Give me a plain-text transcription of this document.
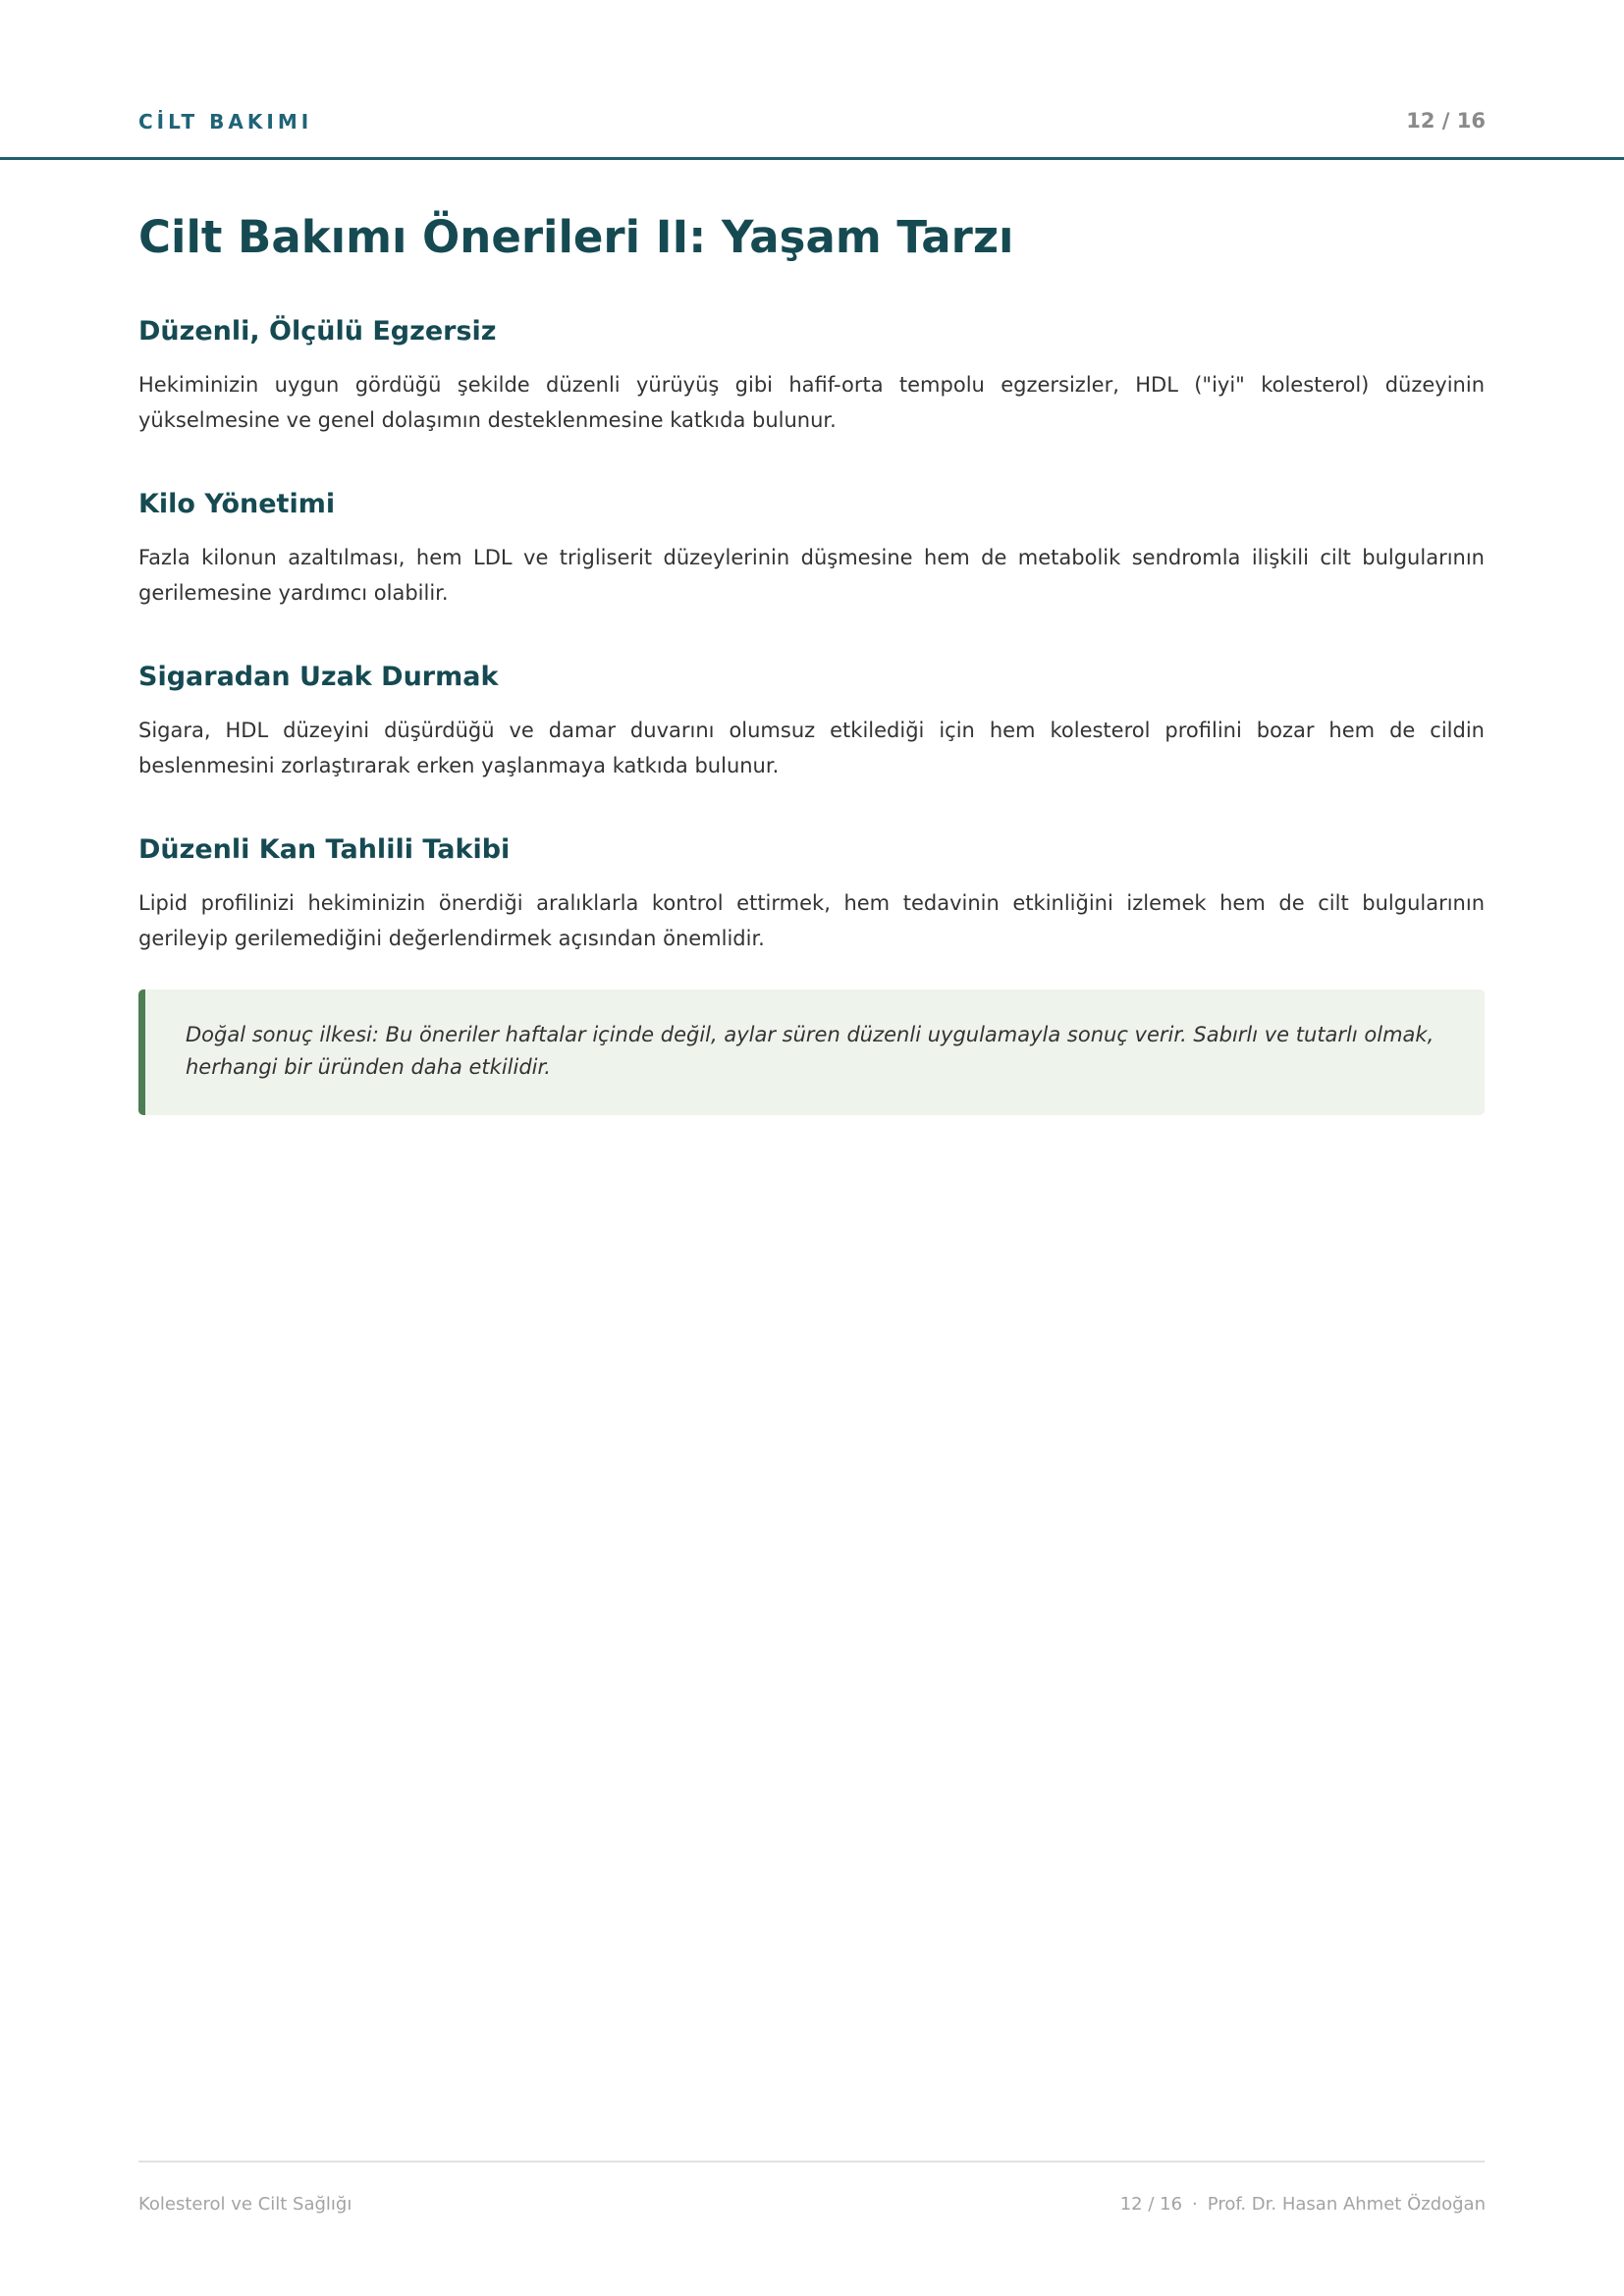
CİLT BAKIMI	12 / 16
Cilt Bakımı Önerileri II: Yaşam Tarzı
Düzenli, Ölçülü Egzersiz

Hekiminizin uygun gördüğü şekilde düzenli yürüyüş gibi hafif-orta tempolu egzersizler, HDL ("iyi" kolesterol) düzeyinin yükselmesine ve genel dolaşımın desteklenmesine katkıda bulunur.

Kilo Yönetimi

Fazla kilonun azaltılması, hem LDL ve trigliserit düzeylerinin düşmesine hem de metabolik sendromla ilişkili cilt bulgularının gerilemesine yardımcı olabilir.

Sigaradan Uzak Durmak

Sigara, HDL düzeyini düşürdüğü ve damar duvarını olumsuz etkilediği için hem kolesterol profilini bozar hem de cildin beslenmesini zorlaştırarak erken yaşlanmaya katkıda bulunur.

Düzenli Kan Tahlili Takibi

Lipid profilinizi hekiminizin önerdiği aralıklarla kontrol ettirmek, hem tedavinin etkinliğini izlemek hem de cilt bulgularının gerileyip gerilemediğini değerlendirmek açısından önemlidir.

Doğal sonuç ilkesi: Bu öneriler haftalar içinde değil, aylar süren düzenli uygulamayla sonuç verir. Sabırlı ve tutarlı olmak, herhangi bir üründen daha etkilidir.

Kolesterol ve Cilt Sağlığı	12 / 16 · Prof. Dr. Hasan Ahmet Özdoğan
